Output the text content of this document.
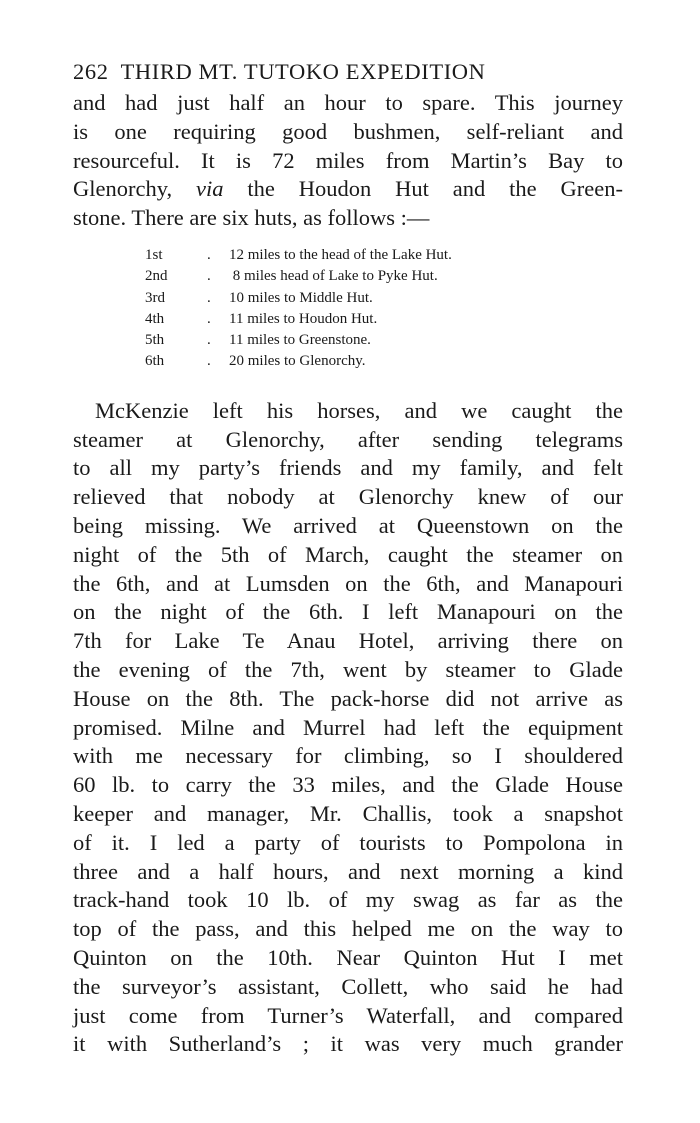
262 THIRD MT. TUTOKO EXPEDITION
and had just half an hour to spare. This journey
is one requiring good bushmen, self-reliant and
resourceful. It is 72 miles from Martin’s Bay to
Glenorchy, via the Houdon Hut and the Green-
stone. There are six huts, as follows :—
1st	.	12 miles to the head of the Lake Hut.
2nd	.	8 miles head of Lake to Pyke Hut.
3rd	.	10 miles to Middle Hut.
4th	.	11 miles to Houdon Hut.
5th	.	11 miles to Greenstone.
6th	.	20 miles to Glenorchy.
McKenzie left his horses, and we caught the
steamer at Glenorchy, after sending telegrams
to all my party’s friends and my family, and felt
relieved that nobody at Glenorchy knew of our
being missing. We arrived at Queenstown on the
night of the 5th of March, caught the steamer on
the 6th, and at Lumsden on the 6th, and Manapouri
on the night of the 6th. I left Manapouri on the
7th for Lake Te Anau Hotel, arriving there on
the evening of the 7th, went by steamer to Glade
House on the 8th. The pack-horse did not arrive as
promised. Milne and Murrel had left the equipment
with me necessary for climbing, so I shouldered
60 lb. to carry the 33 miles, and the Glade House
keeper and manager, Mr. Challis, took a snapshot
of it. I led a party of tourists to Pompolona in
three and a half hours, and next morning a kind
track-hand took 10 lb. of my swag as far as the
top of the pass, and this helped me on the way to
Quinton on the 10th. Near Quinton Hut I met
the surveyor’s assistant, Collett, who said he had
just come from Turner’s Waterfall, and compared
it with Sutherland’s ; it was very much grander
